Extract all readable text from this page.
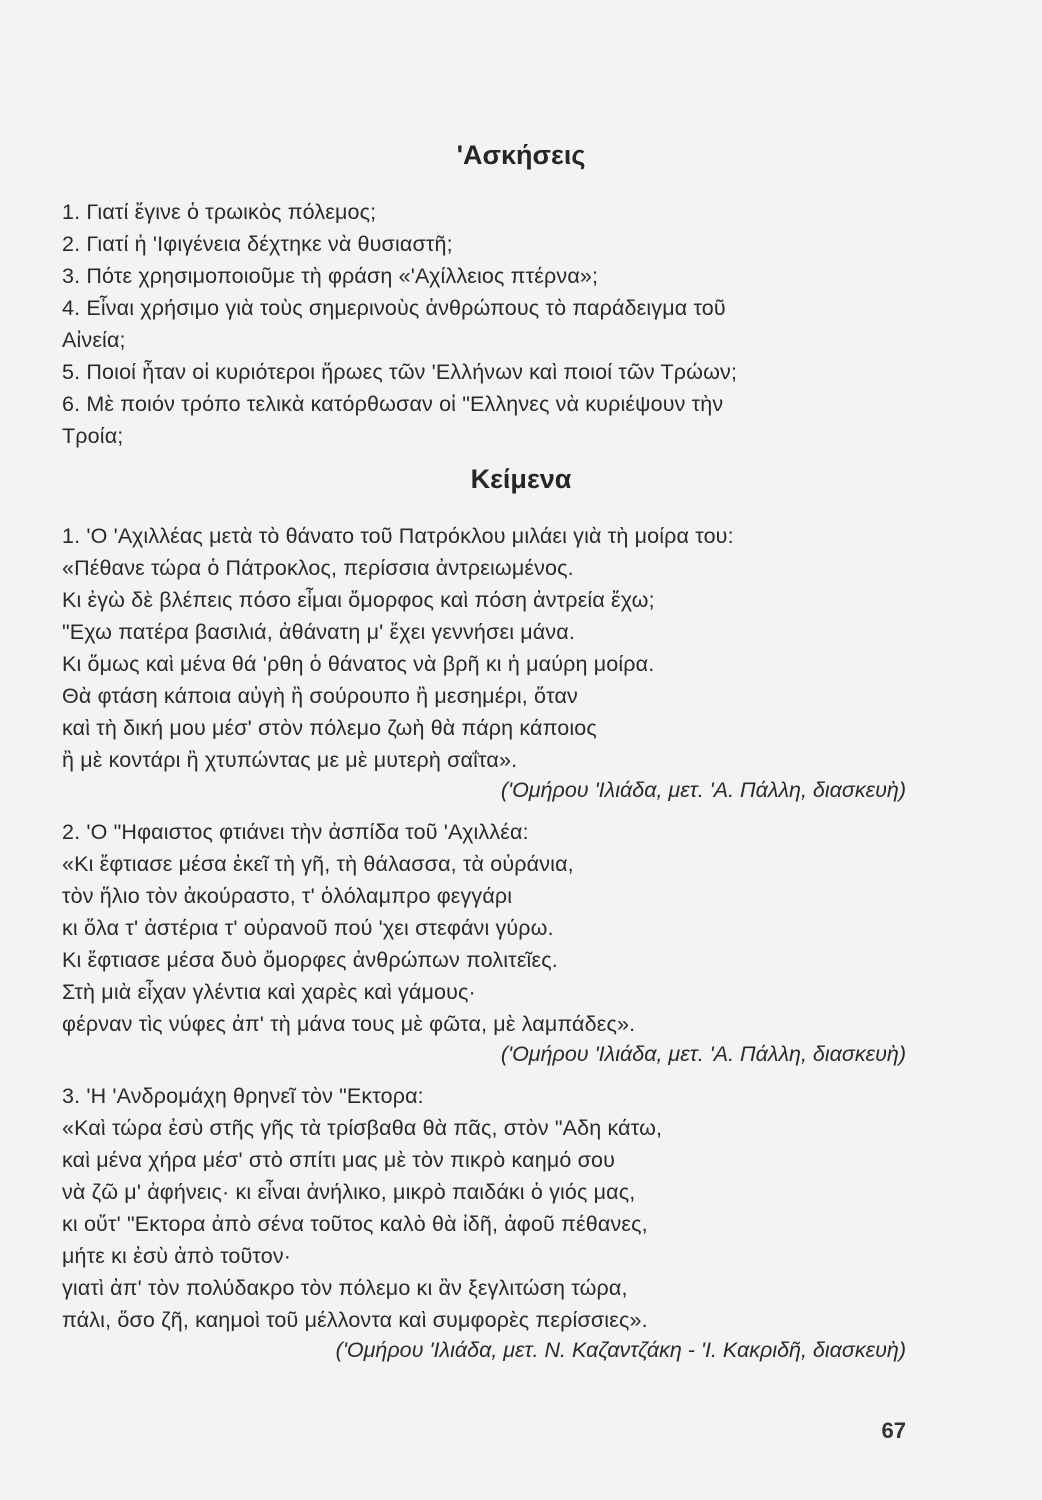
'Ασκήσεις
1. Γιατί ἔγινε ὁ τρωικὸς πόλεμος;
2. Γιατί ἡ 'Ιφιγένεια δέχτηκε νὰ θυσιαστῆ;
3. Πότε χρησιμοποιοῦμε τὴ φράση «'Αχίλλειος πτέρνα»;
4. Εἶναι χρήσιμο γιὰ τοὺς σημερινοὺς ἀνθρώπους τὸ παράδειγμα τοῦ
Αἰνεία;
5. Ποιοί ἦταν οἱ κυριότεροι ἥρωες τῶν 'Ελλήνων καὶ ποιοί τῶν Τρώων;
6. Μὲ ποιόν τρόπο τελικὰ κατόρθωσαν οἱ "Ελληνες νὰ κυριέψουν τὴν
Τροία;
Κείμενα
1. 'Ο 'Αχιλλέας μετὰ τὸ θάνατο τοῦ Πατρόκλου μιλάει γιὰ τὴ μοίρα του:
«Πέθανε τώρα ὁ Πάτροκλος, περίσσια ἀντρειωμένος.
Κι ἐγὼ δὲ βλέπεις πόσο εἶμαι ὄμορφος καὶ πόση ἀντρεία ἔχω;
"Εχω πατέρα βασιλιά, ἀθάνατη μ' ἔχει γεννήσει μάνα.
Κι ὅμως καὶ μένα θά 'ρθη ὁ θάνατος νὰ βρῆ κι ἡ μαύρη μοίρα.
Θὰ φτάση κάποια αὐγὴ ἢ σούρουπο ἢ μεσημέρι, ὅταν
καὶ τὴ δική μου μέσ' στὸν πόλεμο ζωὴ θὰ πάρη κάποιος
ἢ μὲ κοντάρι ἢ χτυπώντας με μὲ μυτερὴ σαΐτα».
('Ομήρου 'Ιλιάδα, μετ. 'Α. Πάλλη, διασκευὴ)
2. 'Ο "Ηφαιστος φτιάνει τὴν ἀσπίδα τοῦ 'Αχιλλέα:
«Κι ἔφτιασε μέσα ἐκεῖ τὴ γῆ, τὴ θάλασσα, τὰ οὐράνια,
τὸν ἥλιο τὸν ἀκούραστο, τ' ὁλόλαμπρο φεγγάρι
κι ὅλα τ' ἀστέρια τ' οὐρανοῦ πού 'χει στεφάνι γύρω.
Κι ἔφτιασε μέσα δυὸ ὄμορφες ἀνθρώπων πολιτεῖες.
Στὴ μιὰ εἶχαν γλέντια καὶ χαρὲς καὶ γάμους·
φέρναν τὶς νύφες ἀπ' τὴ μάνα τους μὲ φῶτα, μὲ λαμπάδες».
('Ομήρου 'Ιλιάδα, μετ. 'Α. Πάλλη, διασκευὴ)
3. 'Η 'Ανδρομάχη θρηνεῖ τὸν "Εκτορα:
«Καὶ τώρα ἐσὺ στῆς γῆς τὰ τρίσβαθα θὰ πᾶς, στὸν "Αδη κάτω,
καὶ μένα χήρα μέσ' στὸ σπίτι μας μὲ τὸν πικρὸ καημό σου
νὰ ζῶ μ' ἀφήνεις· κι εἶναι ἀνήλικο, μικρὸ παιδάκι ὁ γιός μας,
κι οὔτ' "Εκτορα ἀπὸ σένα τοῦτος καλὸ θὰ ἰδῆ, ἀφοῦ πέθανες,
μήτε κι ἐσὺ ἀπὸ τοῦτον·
γιατὶ ἀπ' τὸν πολύδακρο τὸν πόλεμο κι ἂν ξεγλιτώση τώρα,
πάλι, ὅσο ζῆ, καημοὶ τοῦ μέλλοντα καὶ συμφορὲς περίσσιες».
('Ομήρου 'Ιλιάδα, μετ. Ν. Καζαντζάκη - 'Ι. Κακριδῆ, διασκευὴ)
67
